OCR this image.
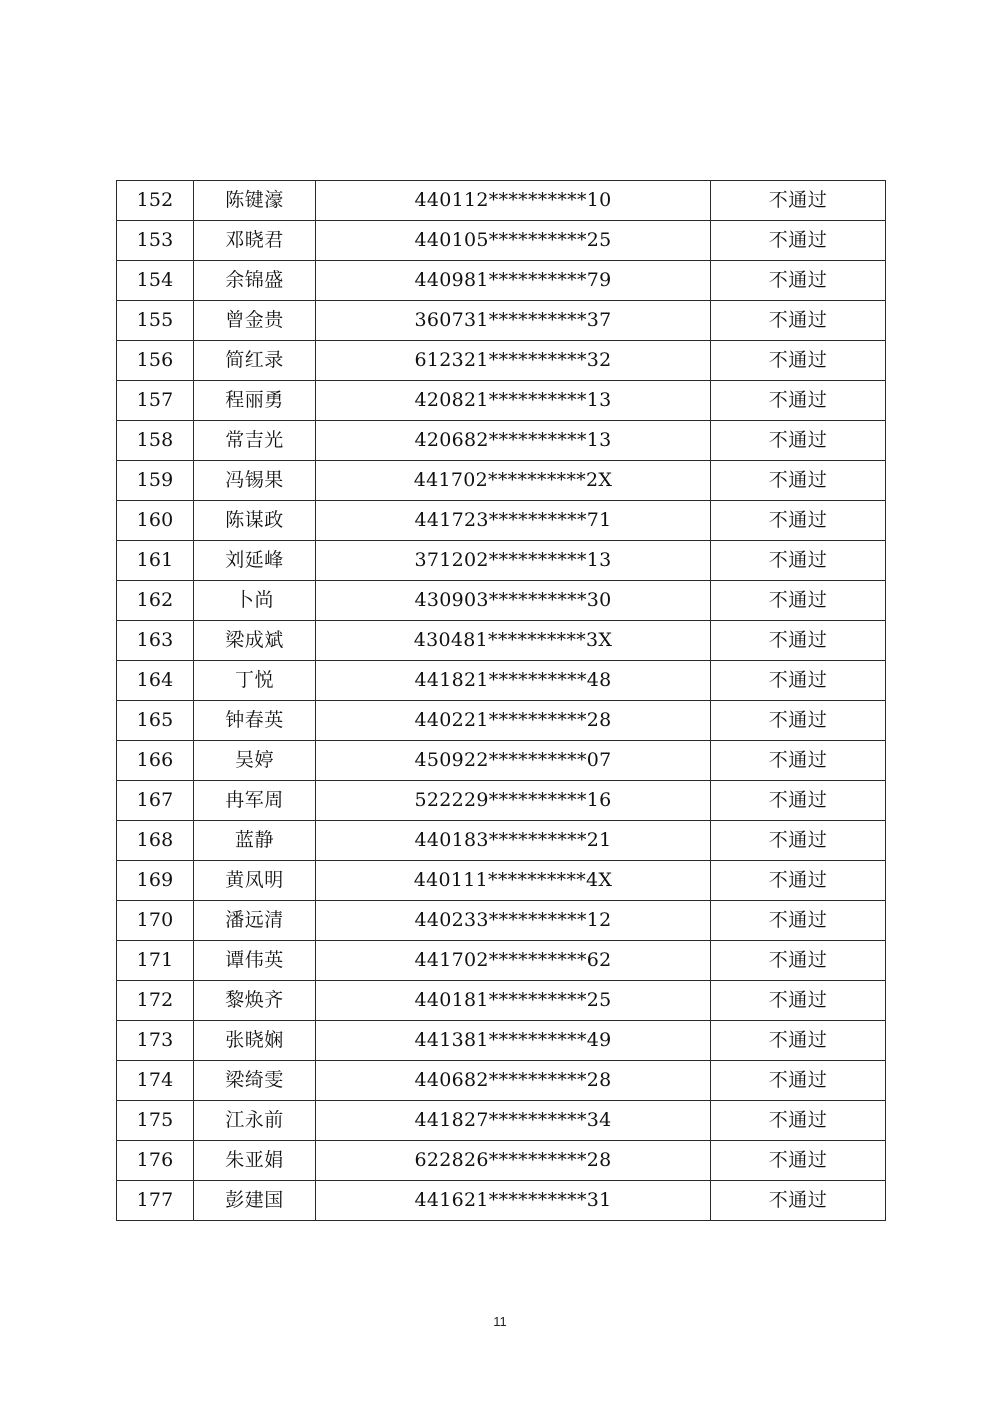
152	陈键濠	440112**********10	不通过
153	邓晓君	440105**********25	不通过
154	余锦盛	440981**********79	不通过
155	曾金贵	360731**********37	不通过
156	简红录	612321**********32	不通过
157	程丽勇	420821**********13	不通过
158	常吉光	420682**********13	不通过
159	冯锡果	441702**********2X	不通过
160	陈谋政	441723**********71	不通过
161	刘延峰	371202**********13	不通过
162	卜尚	430903**********30	不通过
163	梁成斌	430481**********3X	不通过
164	丁悦	441821**********48	不通过
165	钟春英	440221**********28	不通过
166	吴婷	450922**********07	不通过
167	冉军周	522229**********16	不通过
168	蓝静	440183**********21	不通过
169	黄凤明	440111**********4X	不通过
170	潘远清	440233**********12	不通过
171	谭伟英	441702**********62	不通过
172	黎焕齐	440181**********25	不通过
173	张晓娴	441381**********49	不通过
174	梁绮雯	440682**********28	不通过
175	江永前	441827**********34	不通过
176	朱亚娟	622826**********28	不通过
177	彭建国	441621**********31	不通过
11
